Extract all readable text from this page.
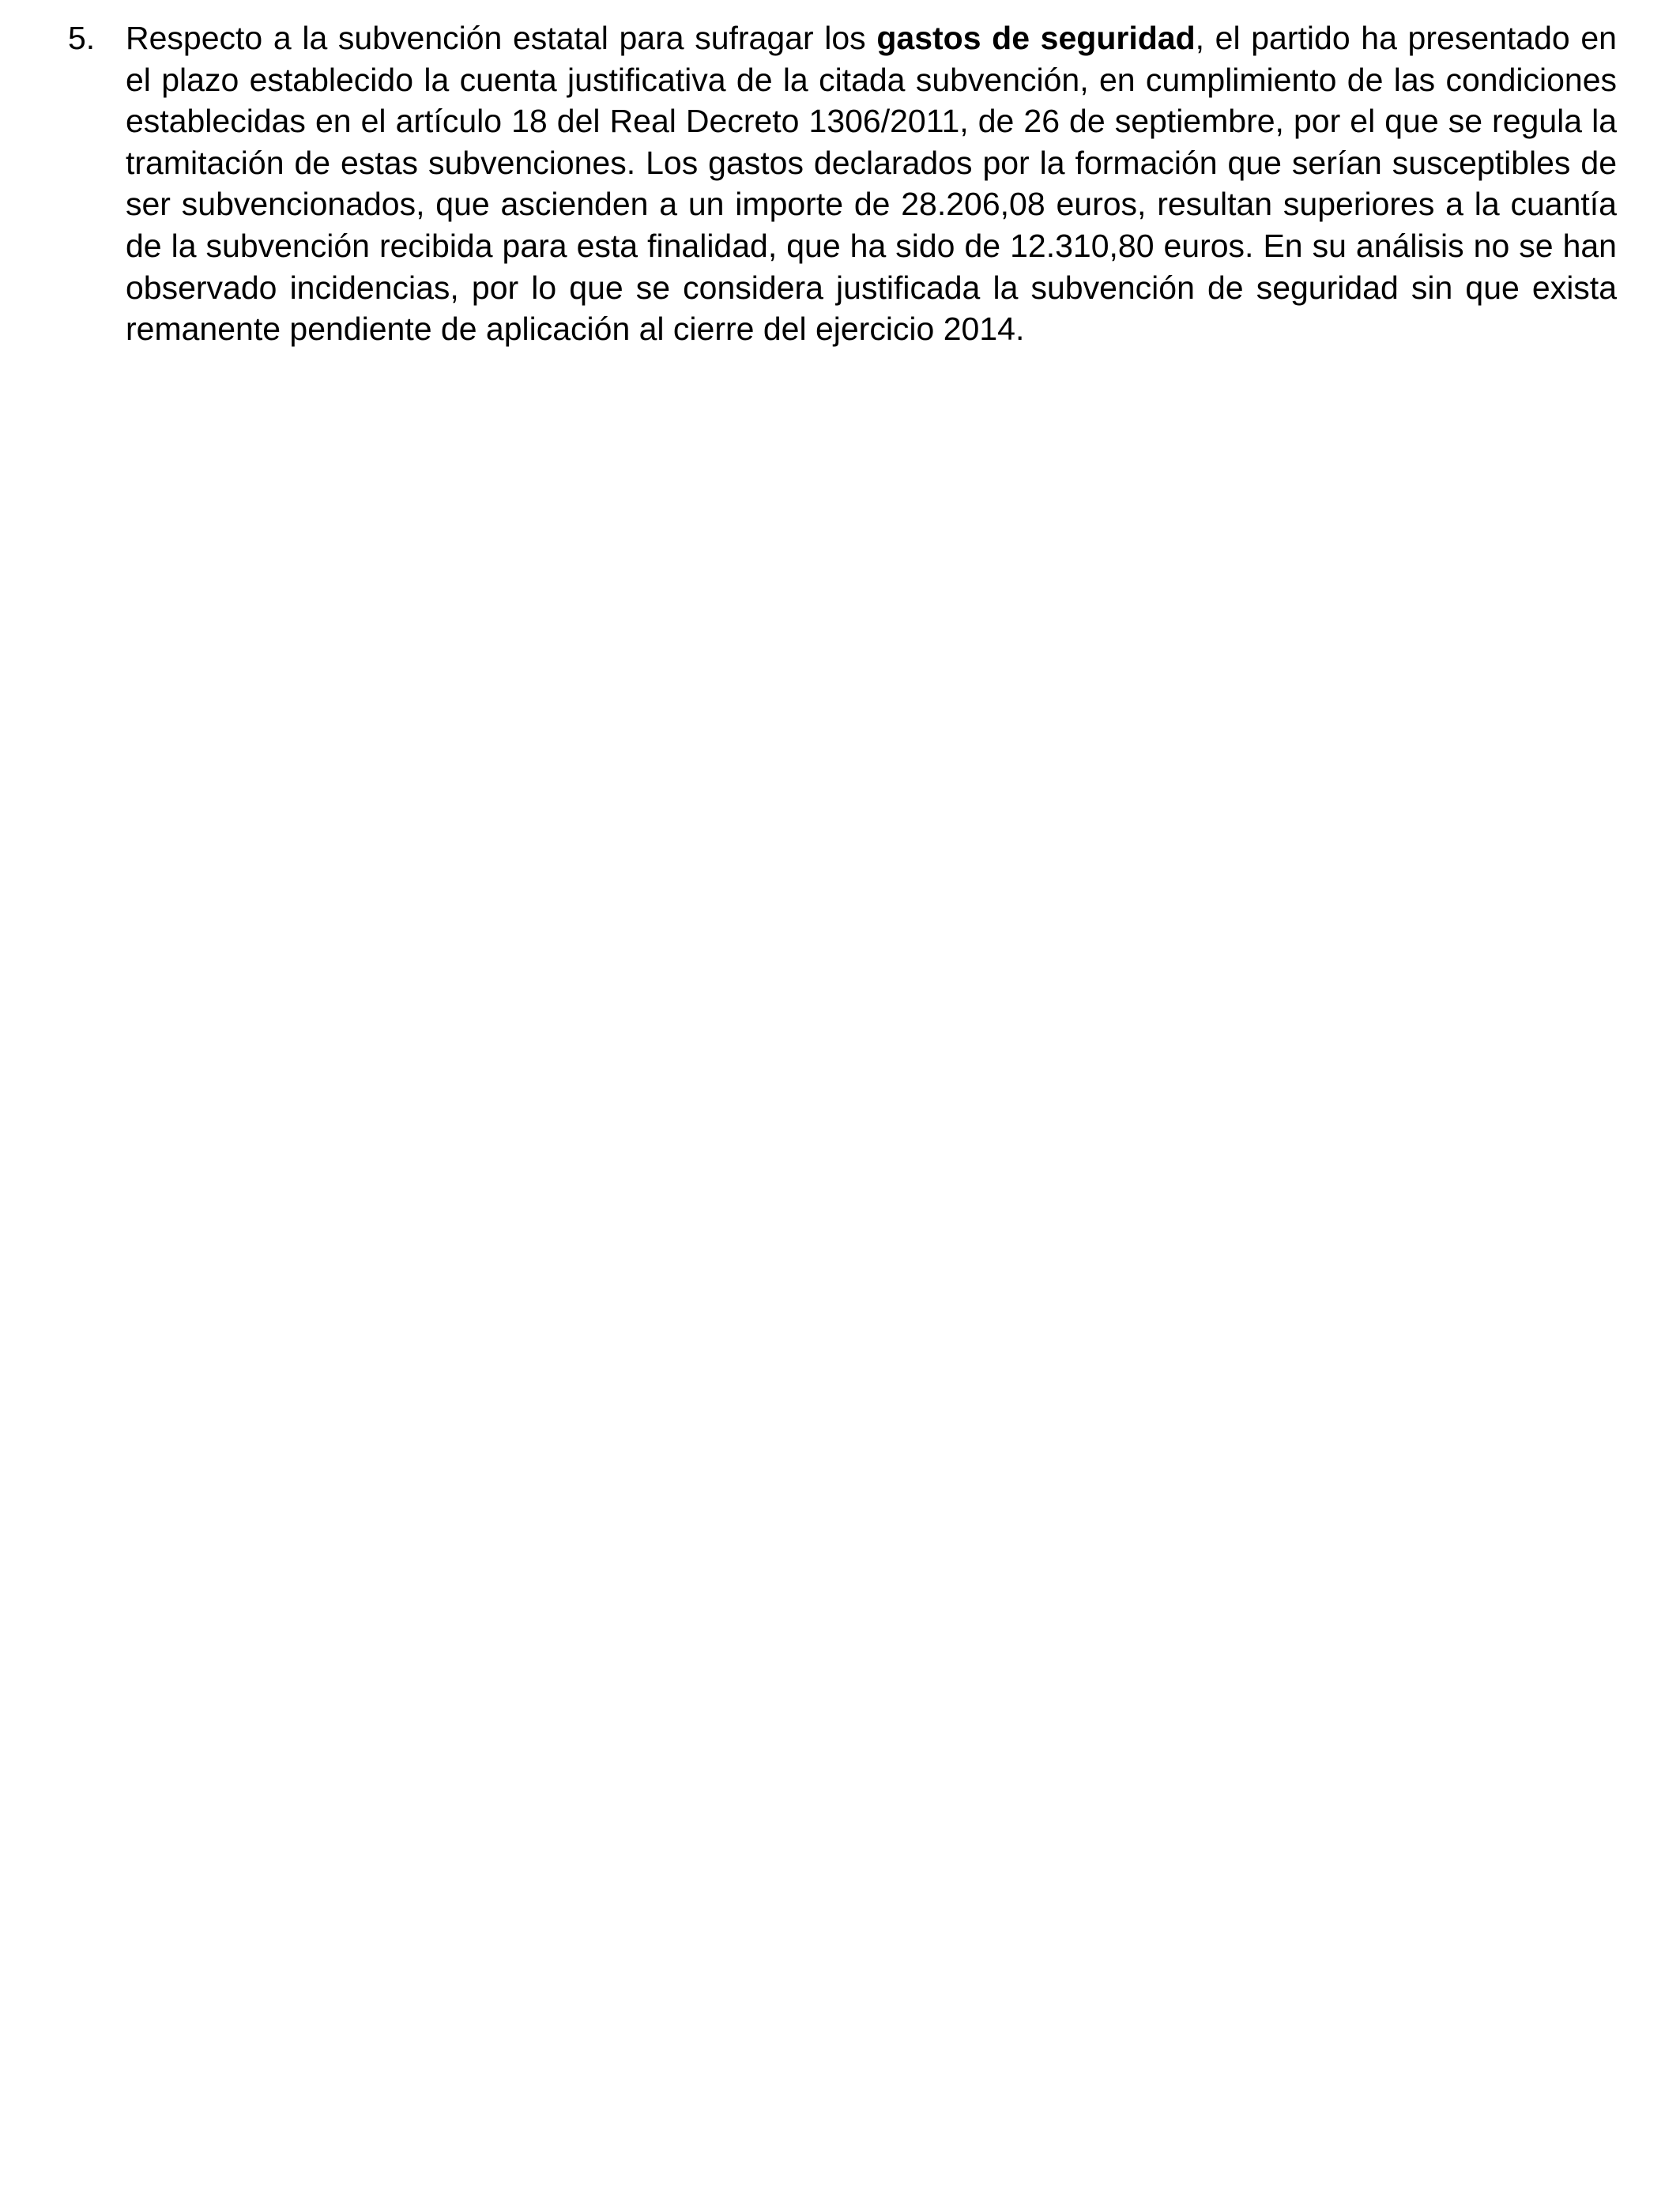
5. Respecto a la subvención estatal para sufragar los gastos de seguridad, el partido ha presentado en el plazo establecido la cuenta justificativa de la citada subvención, en cumplimiento de las condiciones establecidas en el artículo 18 del Real Decreto 1306/2011, de 26 de septiembre, por el que se regula la tramitación de estas subvenciones. Los gastos declarados por la formación que serían susceptibles de ser subvencionados, que ascienden a un importe de 28.206,08 euros, resultan superiores a la cuantía de la subvención recibida para esta finalidad, que ha sido de 12.310,80 euros. En su análisis no se han observado incidencias, por lo que se considera justificada la subvención de seguridad sin que exista remanente pendiente de aplicación al cierre del ejercicio 2014.
